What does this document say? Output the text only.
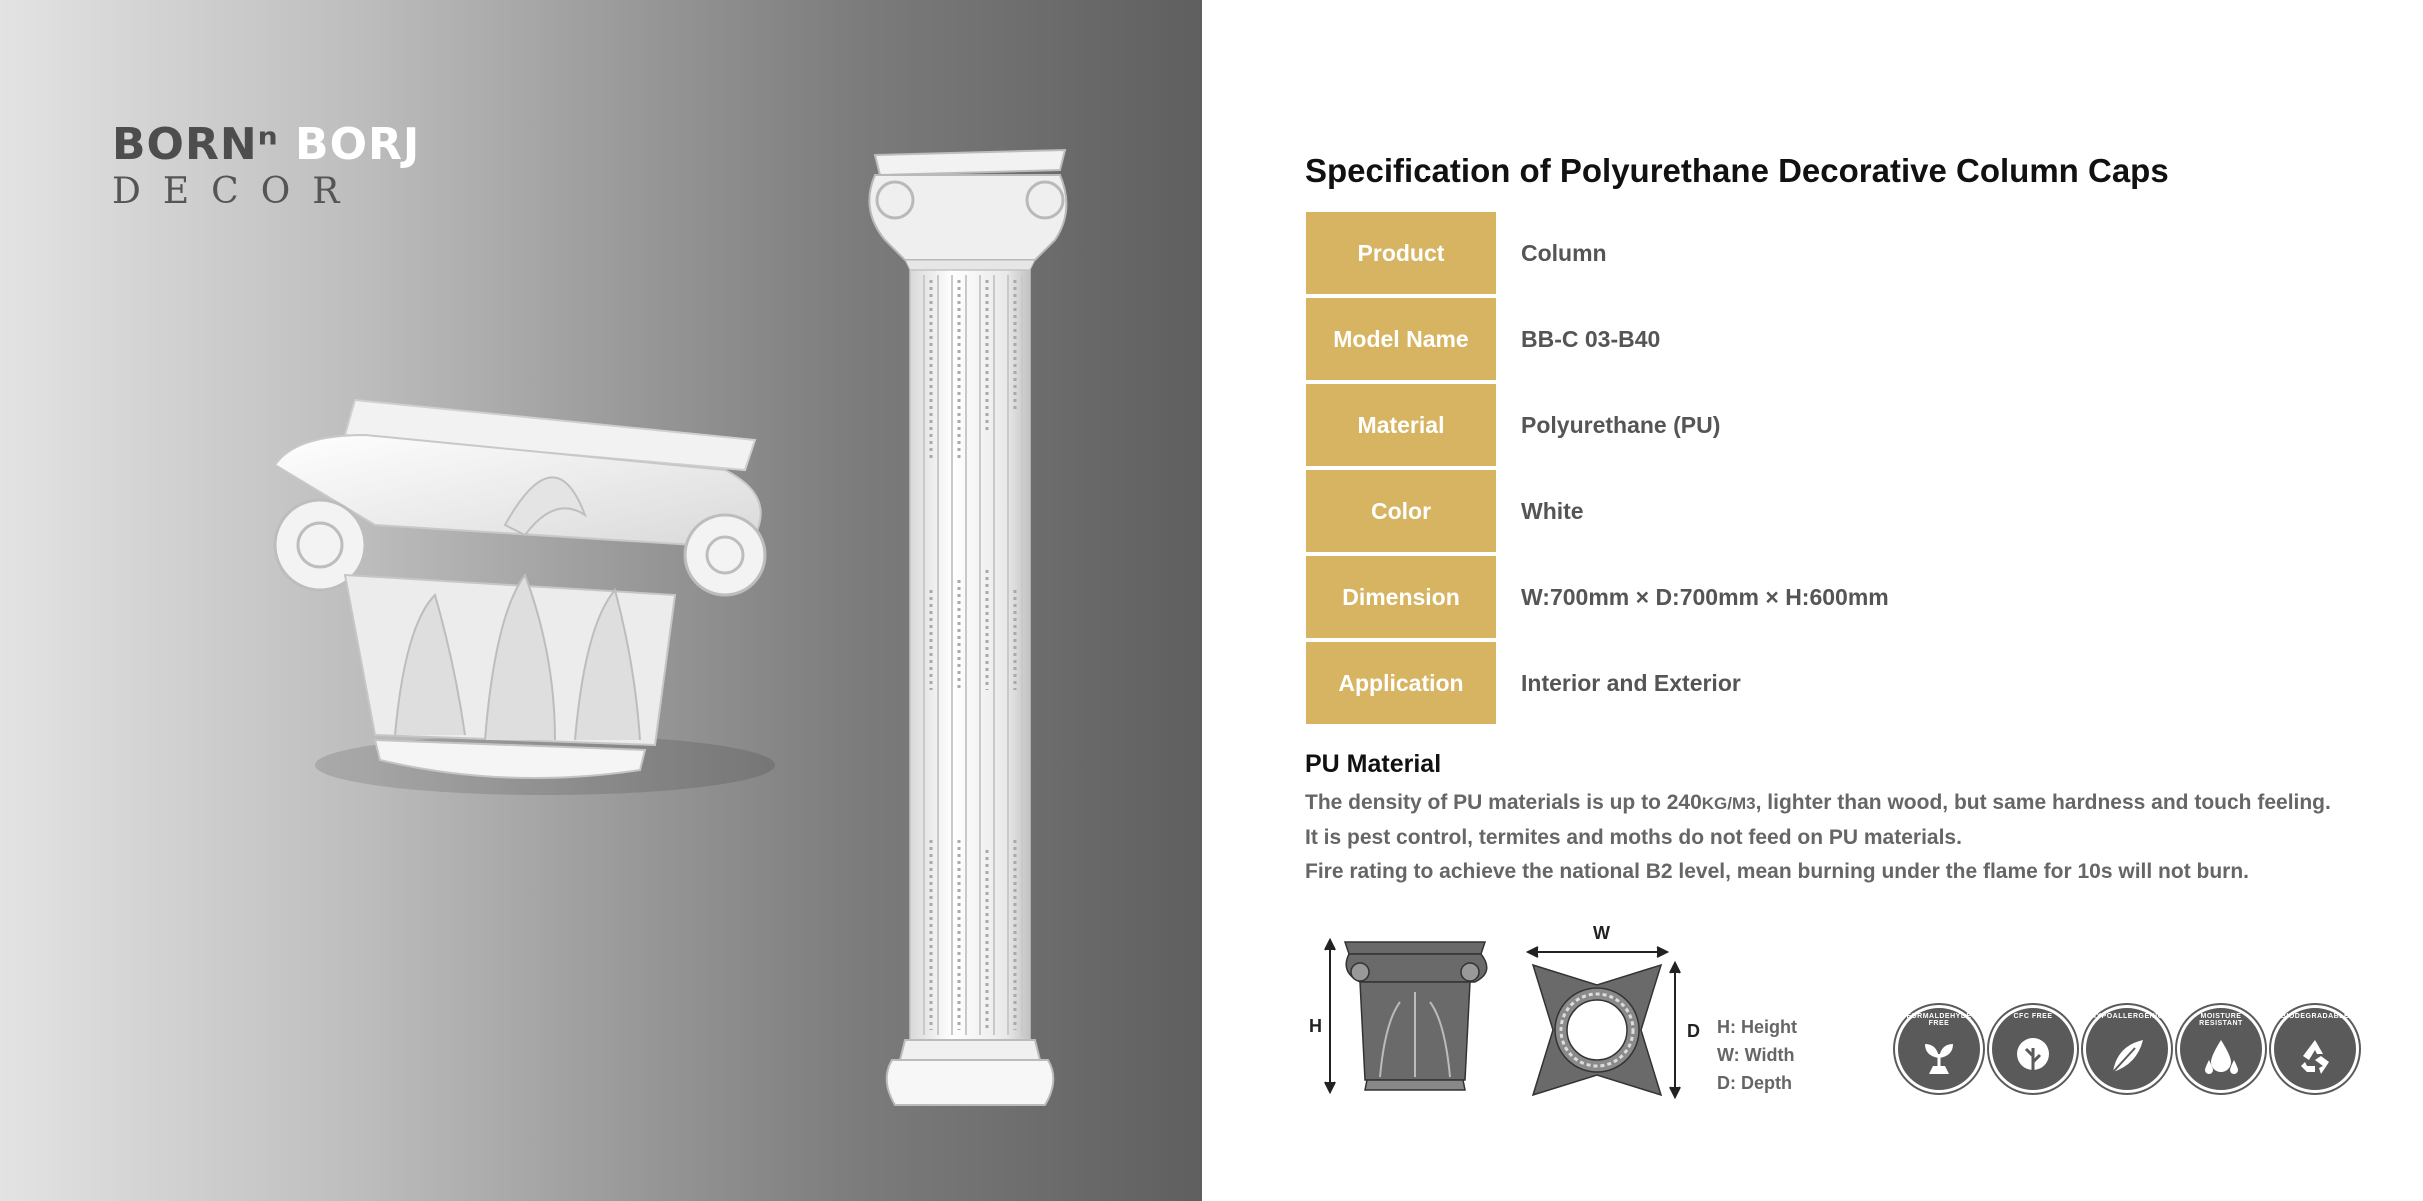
BORNⁿ BORJ
DECOR
Specification of Polyurethane Decorative Column Caps
Product	Column
Model Name	BB-C 03-B40
Material	Polyurethane (PU)
Color	White
Dimension	W:700mm × D:700mm × H:600mm
Application	Interior and Exterior
PU Material
The density of PU materials is up to 240KG/M3, lighter than wood, but same hardness and touch feeling.
It is pest control, termites and moths do not feed on PU materials.
Fire rating to achieve the national B2 level, mean burning under the flame for 10s will not burn.
H
W
D H: Height
W: Width
D: Depth
FORMALDEHYDE FREE
CFC FREE	HYPOALLERGENIC	MOISTURE RESISTANT
BIODEGRADABLE
